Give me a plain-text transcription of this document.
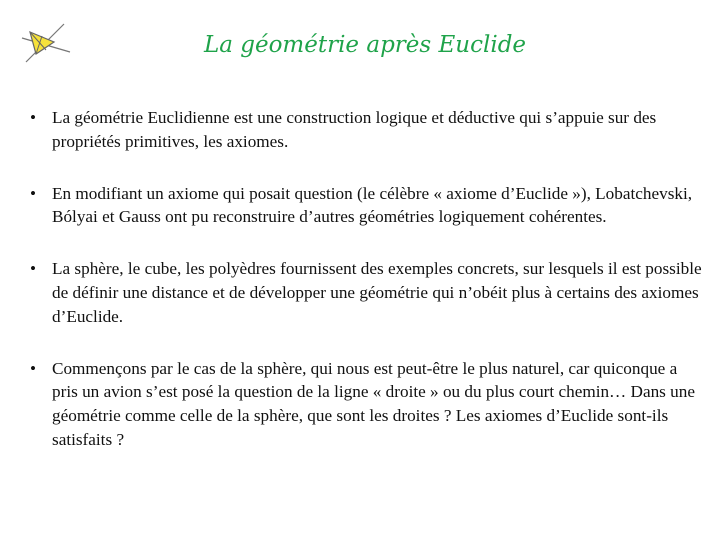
La géométrie après Euclide
• La géométrie Euclidienne est une construction logique et déductive qui s’appuie sur des propriétés primitives, les axiomes.
• En modifiant un axiome qui posait question (le célèbre « axiome d’Euclide »), Lobatchevski, Bólyai et Gauss ont pu reconstruire d’autres géométries logiquement cohérentes.
• La sphère, le cube, les polyèdres fournissent des exemples concrets, sur lesquels il est possible de définir une distance et de développer une géométrie qui n’obéit plus à certains des axiomes d’Euclide.
• Commençons par le cas de la sphère, qui nous est peut-être le plus naturel, car quiconque a pris un avion s’est posé la question de la ligne « droite » ou du plus court chemin… Dans une géométrie comme celle de la sphère, que sont les droites ? Les axiomes d’Euclide sont-ils satisfaits ?
